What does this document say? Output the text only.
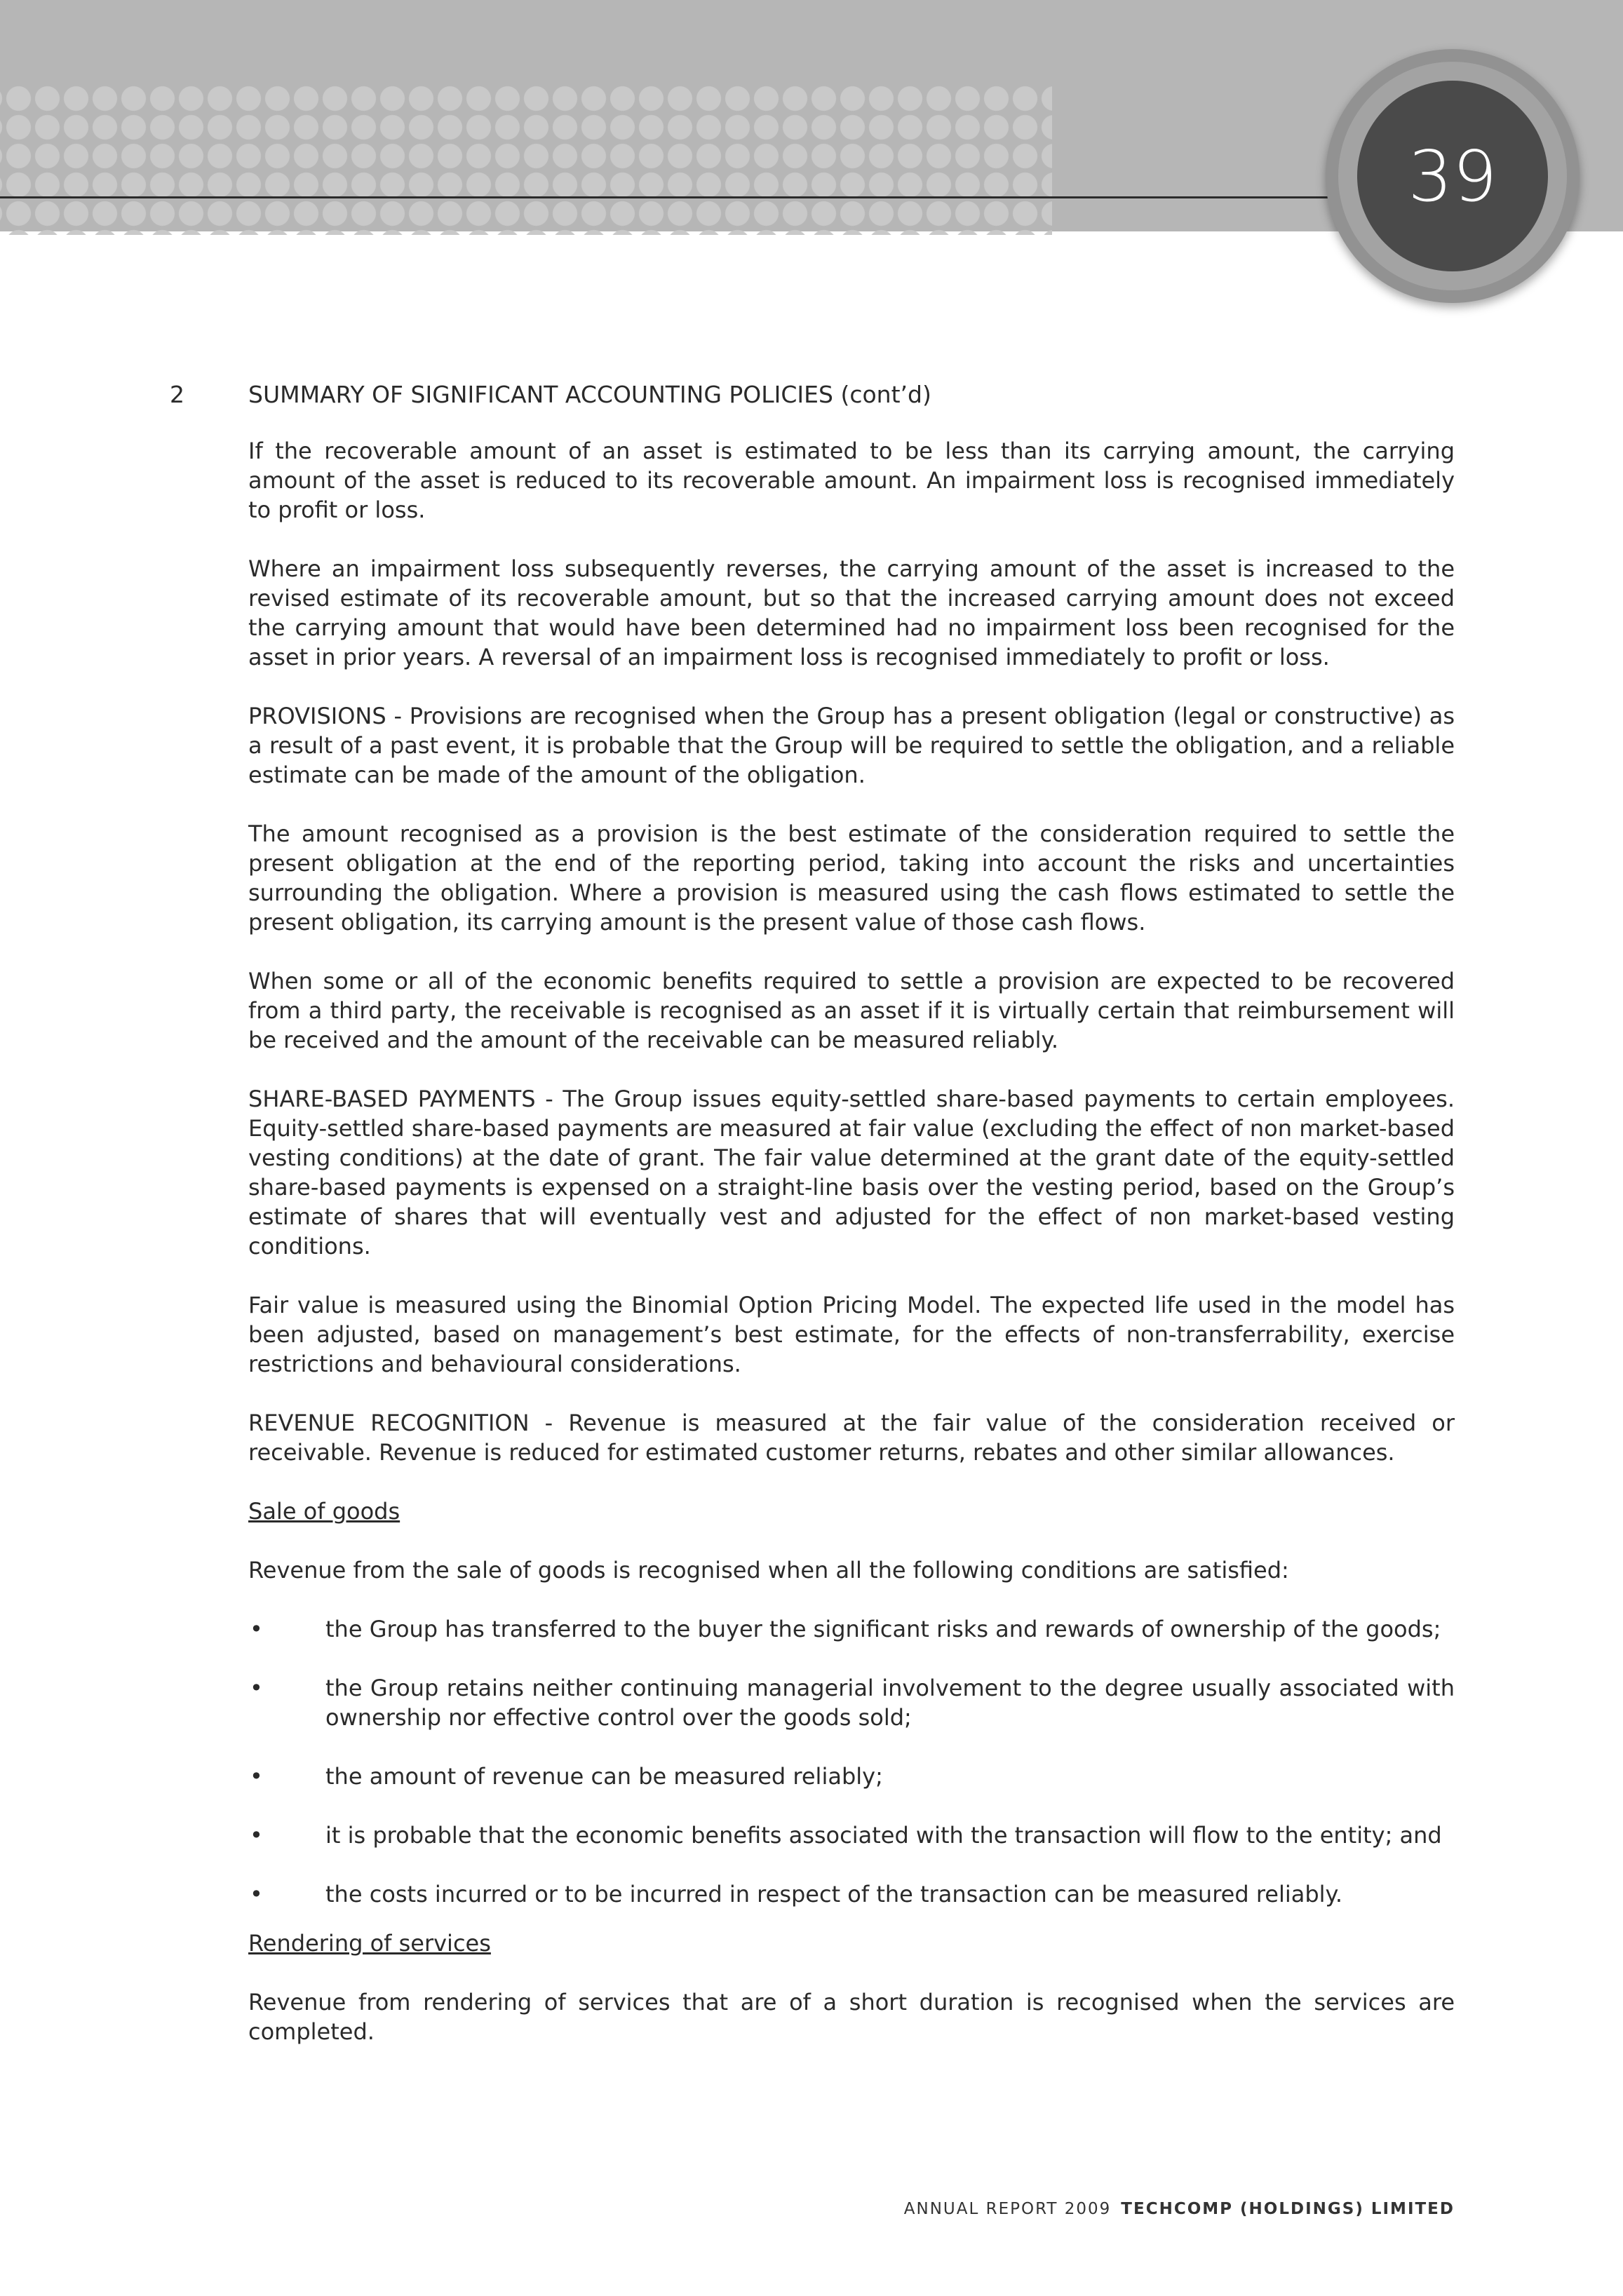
39
2	SUMMARY OF SIGNIFICANT ACCOUNTING POLICIES (cont’d)

If the recoverable amount of an asset is estimated to be less than its carrying amount, the carrying amount of the asset is reduced to its recoverable amount. An impairment loss is recognised immediately to profit or loss.

Where an impairment loss subsequently reverses, the carrying amount of the asset is increased to the revised estimate of its recoverable amount, but so that the increased carrying amount does not exceed the carrying amount that would have been determined had no impairment loss been recognised for the asset in prior years. A reversal of an impairment loss is recognised immediately to profit or loss.

PROVISIONS - Provisions are recognised when the Group has a present obligation (legal or constructive) as a result of a past event, it is probable that the Group will be required to settle the obligation, and a reliable estimate can be made of the amount of the obligation.

The amount recognised as a provision is the best estimate of the consideration required to settle the present obligation at the end of the reporting period, taking into account the risks and uncertainties surrounding the obligation. Where a provision is measured using the cash flows estimated to settle the present obligation, its carrying amount is the present value of those cash flows.

When some or all of the economic benefits required to settle a provision are expected to be recovered from a third party, the receivable is recognised as an asset if it is virtually certain that reimbursement will be received and the amount of the receivable can be measured reliably.

SHARE-BASED PAYMENTS - The Group issues equity-settled share-based payments to certain employees. Equity-settled share-based payments are measured at fair value (excluding the effect of non market-based vesting conditions) at the date of grant. The fair value determined at the grant date of the equity-settled share-based payments is expensed on a straight-line basis over the vesting period, based on the Group’s estimate of shares that will eventually vest and adjusted for the effect of non market-based vesting conditions.

Fair value is measured using the Binomial Option Pricing Model. The expected life used in the model has been adjusted, based on management’s best estimate, for the effects of non-transferrability, exercise restrictions and behavioural considerations.

REVENUE RECOGNITION - Revenue is measured at the fair value of the consideration received or receivable. Revenue is reduced for estimated customer returns, rebates and other similar allowances.

Sale of goods

Revenue from the sale of goods is recognised when all the following conditions are satisfied:

•	the Group has transferred to the buyer the significant risks and rewards of ownership of the goods;
•	the Group retains neither continuing managerial involvement to the degree usually associated with ownership nor effective control over the goods sold;
•	the amount of revenue can be measured reliably;
•	it is probable that the economic benefits associated with the transaction will flow to the entity; and
•	the costs incurred or to be incurred in respect of the transaction can be measured reliably.

Rendering of services

Revenue from rendering of services that are of a short duration is recognised when the services are completed.

ANNUAL REPORT 2009 TECHCOMP (HOLDINGS) LIMITED
